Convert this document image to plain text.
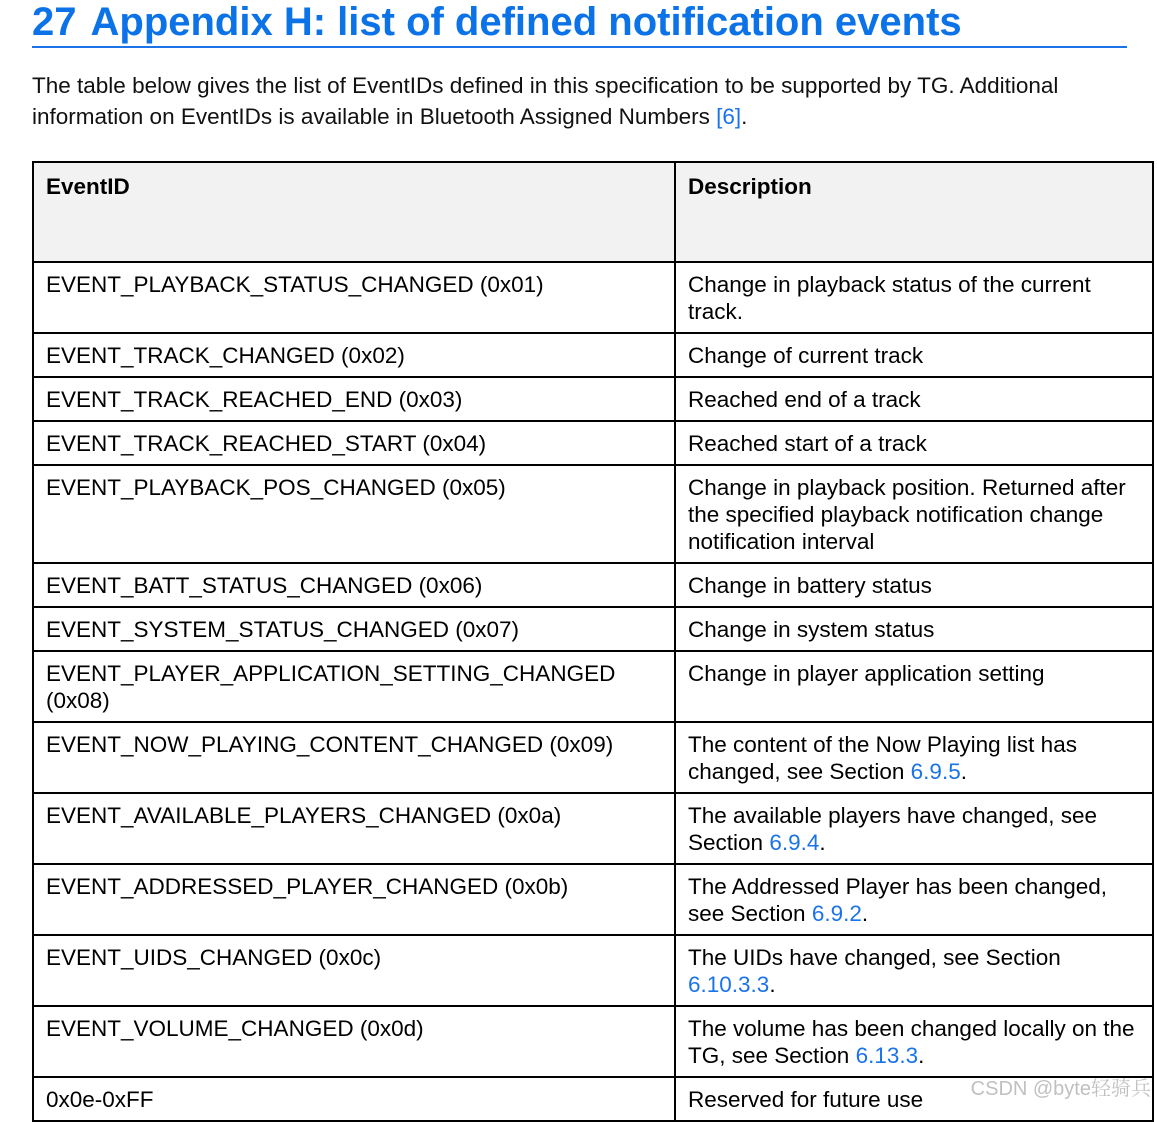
27 Appendix H: list of defined notification events

The table below gives the list of EventIDs defined in this specification to be supported by TG. Additional information on EventIDs is available in Bluetooth Assigned Numbers [6].

EventID	Description
EVENT_PLAYBACK_STATUS_CHANGED (0x01)	Change in playback status of the current track.
EVENT_TRACK_CHANGED (0x02)	Change of current track
EVENT_TRACK_REACHED_END (0x03)	Reached end of a track
EVENT_TRACK_REACHED_START (0x04)	Reached start of a track
EVENT_PLAYBACK_POS_CHANGED (0x05)	Change in playback position. Returned after the specified playback notification change notification interval
EVENT_BATT_STATUS_CHANGED (0x06)	Change in battery status
EVENT_SYSTEM_STATUS_CHANGED (0x07)	Change in system status
EVENT_PLAYER_APPLICATION_SETTING_CHANGED (0x08)	Change in player application setting
EVENT_NOW_PLAYING_CONTENT_CHANGED (0x09)	The content of the Now Playing list has changed, see Section 6.9.5.
EVENT_AVAILABLE_PLAYERS_CHANGED (0x0a)	The available players have changed, see Section 6.9.4.
EVENT_ADDRESSED_PLAYER_CHANGED (0x0b)	The Addressed Player has been changed, see Section 6.9.2.
EVENT_UIDS_CHANGED (0x0c)	The UIDs have changed, see Section 6.10.3.3.
EVENT_VOLUME_CHANGED (0x0d)	The volume has been changed locally on the TG, see Section 6.13.3.
0x0e-0xFF	Reserved for future use CSDN @byte轻骑兵
